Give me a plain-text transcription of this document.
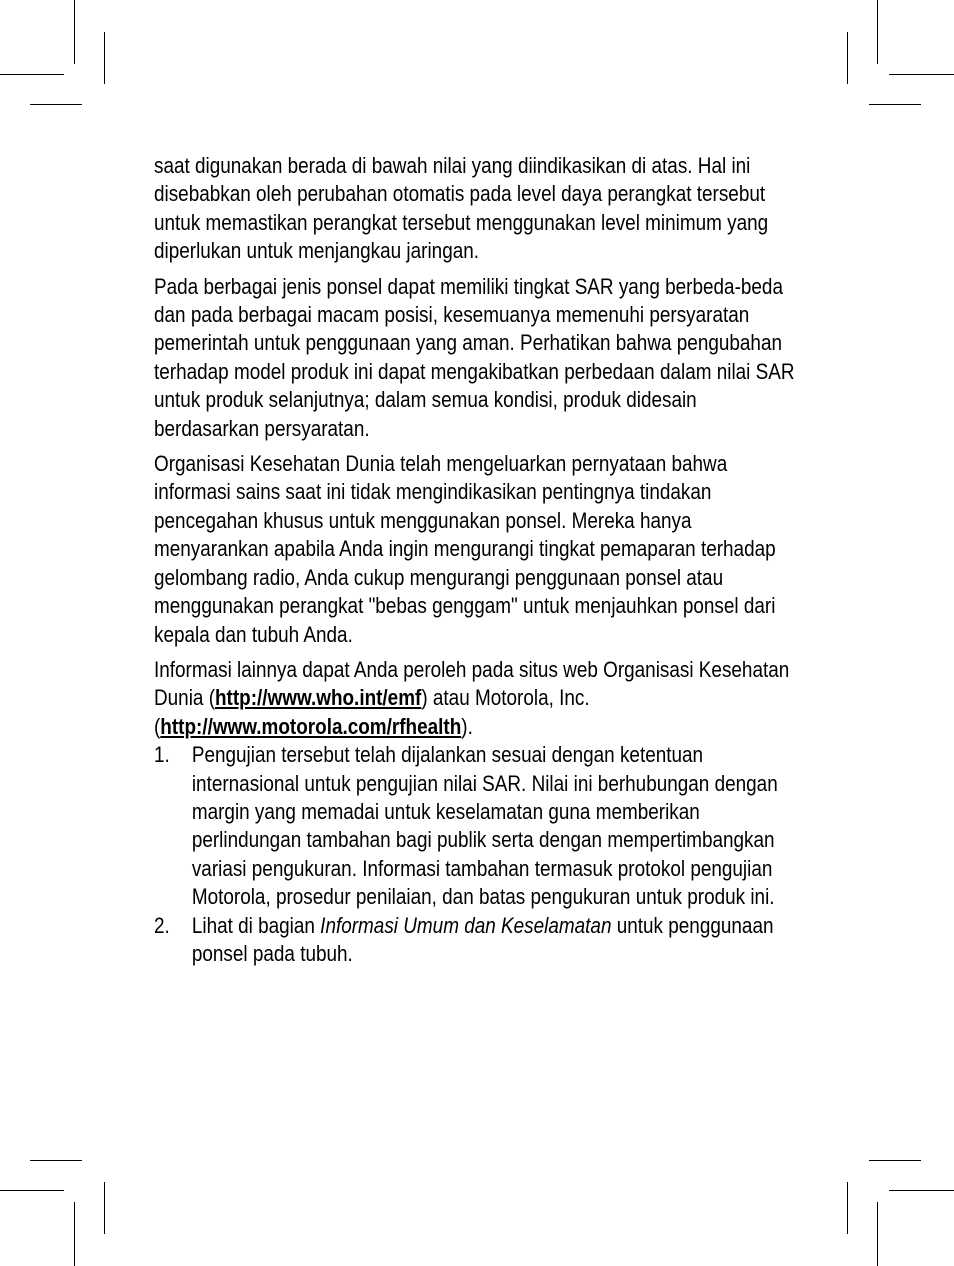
saat digunakan berada di bawah nilai yang diindikasikan di atas. Hal ini disebabkan oleh perubahan otomatis pada level daya perangkat tersebut untuk memastikan perangkat tersebut menggunakan level minimum yang diperlukan untuk menjangkau jaringan.

Pada berbagai jenis ponsel dapat memiliki tingkat SAR yang berbeda-beda dan pada berbagai macam posisi, kesemuanya memenuhi persyaratan pemerintah untuk penggunaan yang aman. Perhatikan bahwa pengubahan terhadap model produk ini dapat mengakibatkan perbedaan dalam nilai SAR untuk produk selanjutnya; dalam semua kondisi, produk didesain berdasarkan persyaratan.

Organisasi Kesehatan Dunia telah mengeluarkan pernyataan bahwa informasi sains saat ini tidak mengindikasikan pentingnya tindakan pencegahan khusus untuk menggunakan ponsel. Mereka hanya menyarankan apabila Anda ingin mengurangi tingkat pemaparan terhadap gelombang radio, Anda cukup mengurangi penggunaan ponsel atau menggunakan perangkat "bebas genggam" untuk menjauhkan ponsel dari kepala dan tubuh Anda.

Informasi lainnya dapat Anda peroleh pada situs web Organisasi Kesehatan Dunia (http://www.who.int/emf) atau Motorola, Inc. (http://www.motorola.com/rfhealth).

1.	Pengujian tersebut telah dijalankan sesuai dengan ketentuan internasional untuk pengujian nilai SAR. Nilai ini berhubungan dengan margin yang memadai untuk keselamatan guna memberikan perlindungan tambahan bagi publik serta dengan mempertimbangkan variasi pengukuran. Informasi tambahan termasuk protokol pengujian Motorola, prosedur penilaian, dan batas pengukuran untuk produk ini.
2.	Lihat di bagian Informasi Umum dan Keselamatan untuk penggunaan ponsel pada tubuh.
